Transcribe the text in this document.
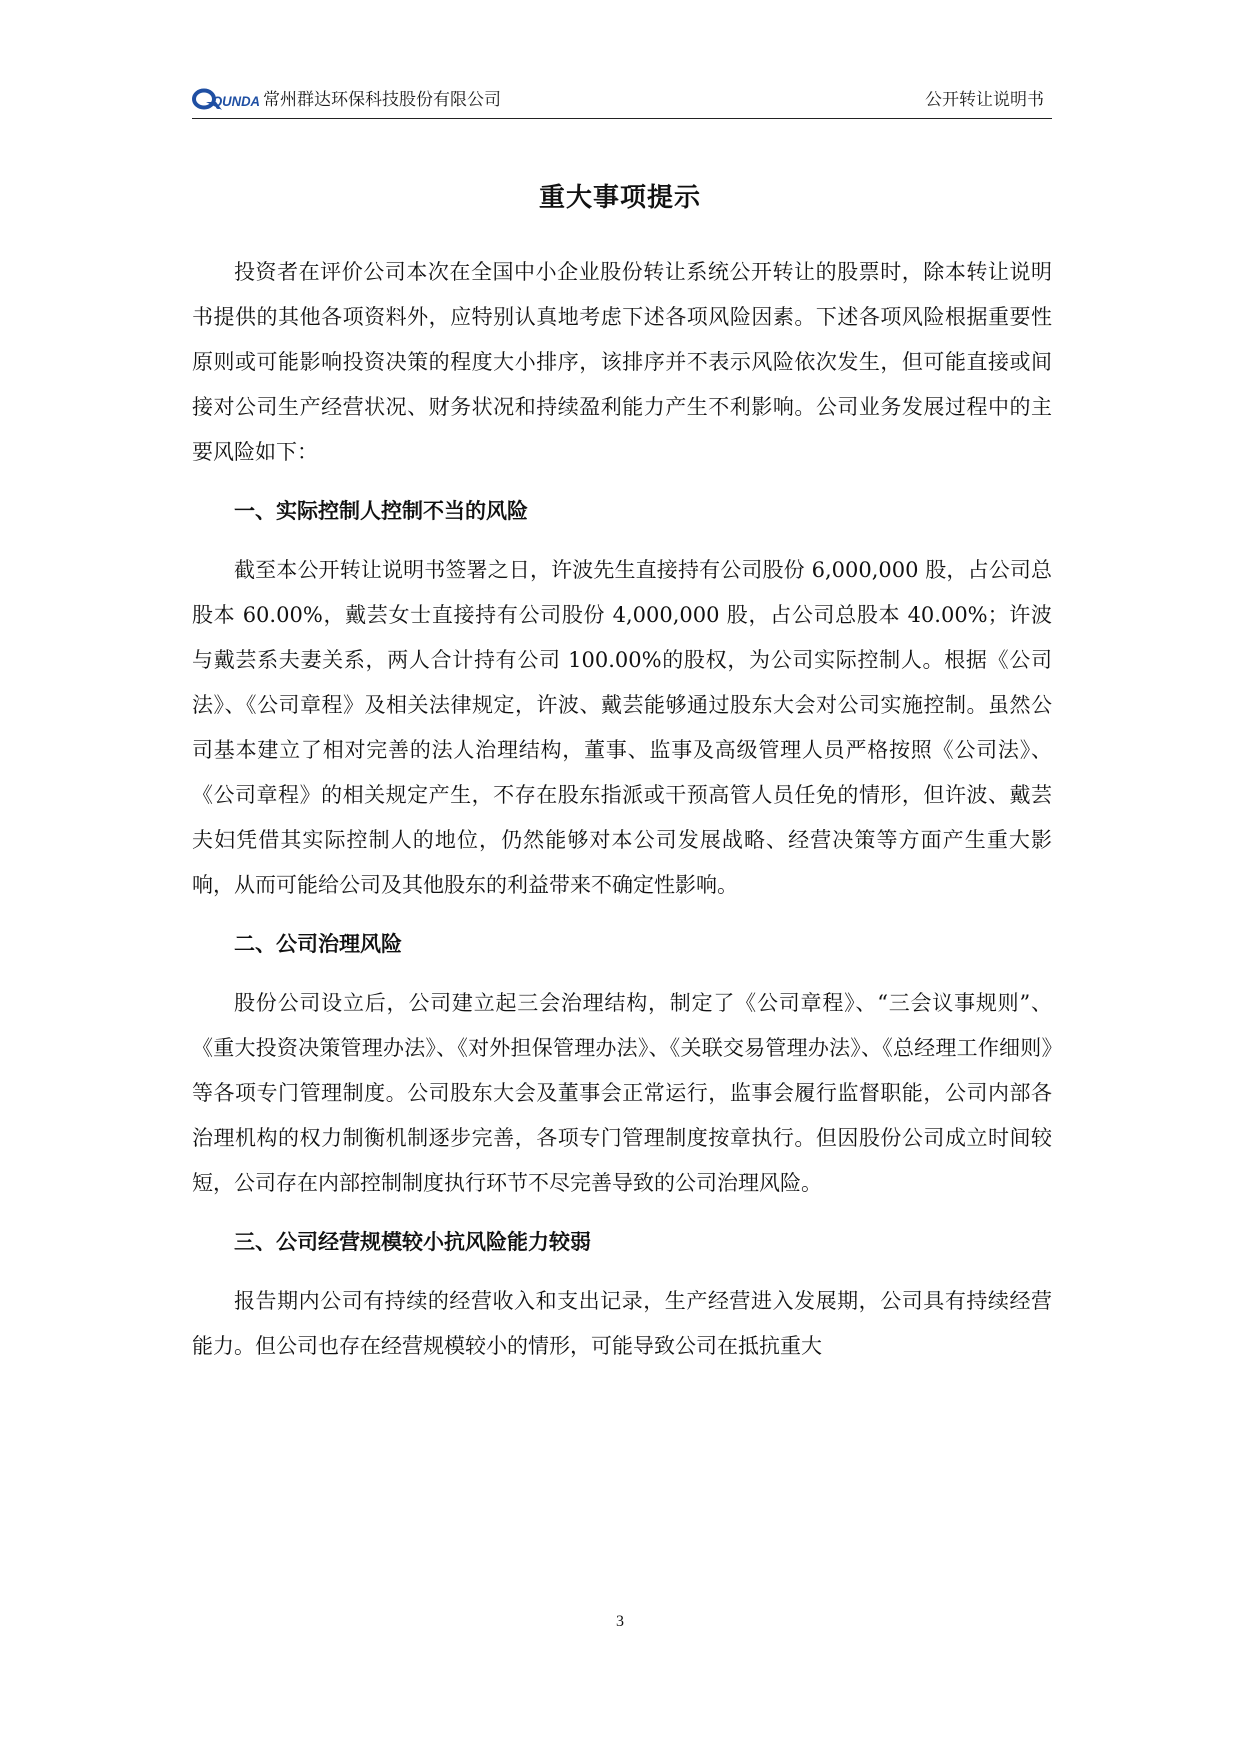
QUNDA 常州群达环保科技股份有限公司	公开转让说明书
重大事项提示

投资者在评价公司本次在全国中小企业股份转让系统公开转让的股票时，除本转让说明书提供的其他各项资料外，应特别认真地考虑下述各项风险因素。下述各项风险根据重要性原则或可能影响投资决策的程度大小排序，该排序并不表示风险依次发生，但可能直接或间接对公司生产经营状况、财务状况和持续盈利能力产生不利影响。公司业务发展过程中的主要风险如下：

一、实际控制人控制不当的风险

截至本公开转让说明书签署之日，许波先生直接持有公司股份 6,000,000 股，占公司总股本 60.00%，戴芸女士直接持有公司股份 4,000,000 股，占公司总股本 40.00%；许波与戴芸系夫妻关系，两人合计持有公司 100.00%的股权，为公司实际控制人。根据《公司法》、《公司章程》及相关法律规定，许波、戴芸能够通过股东大会对公司实施控制。虽然公司基本建立了相对完善的法人治理结构，董事、监事及高级管理人员严格按照《公司法》、《公司章程》的相关规定产生，不存在股东指派或干预高管人员任免的情形，但许波、戴芸夫妇凭借其实际控制人的地位，仍然能够对本公司发展战略、经营决策等方面产生重大影响，从而可能给公司及其他股东的利益带来不确定性影响。

二、公司治理风险

股份公司设立后，公司建立起三会治理结构，制定了《公司章程》、“三会议事规则”、《重大投资决策管理办法》、《对外担保管理办法》、《关联交易管理办法》、《总经理工作细则》等各项专门管理制度。公司股东大会及董事会正常运行，监事会履行监督职能，公司内部各治理机构的权力制衡机制逐步完善，各项专门管理制度按章执行。但因股份公司成立时间较短，公司存在内部控制制度执行环节不尽完善导致的公司治理风险。

三、公司经营规模较小抗风险能力较弱

报告期内公司有持续的经营收入和支出记录，生产经营进入发展期，公司具有持续经营能力。但公司也存在经营规模较小的情形，可能导致公司在抵抗重大

3
